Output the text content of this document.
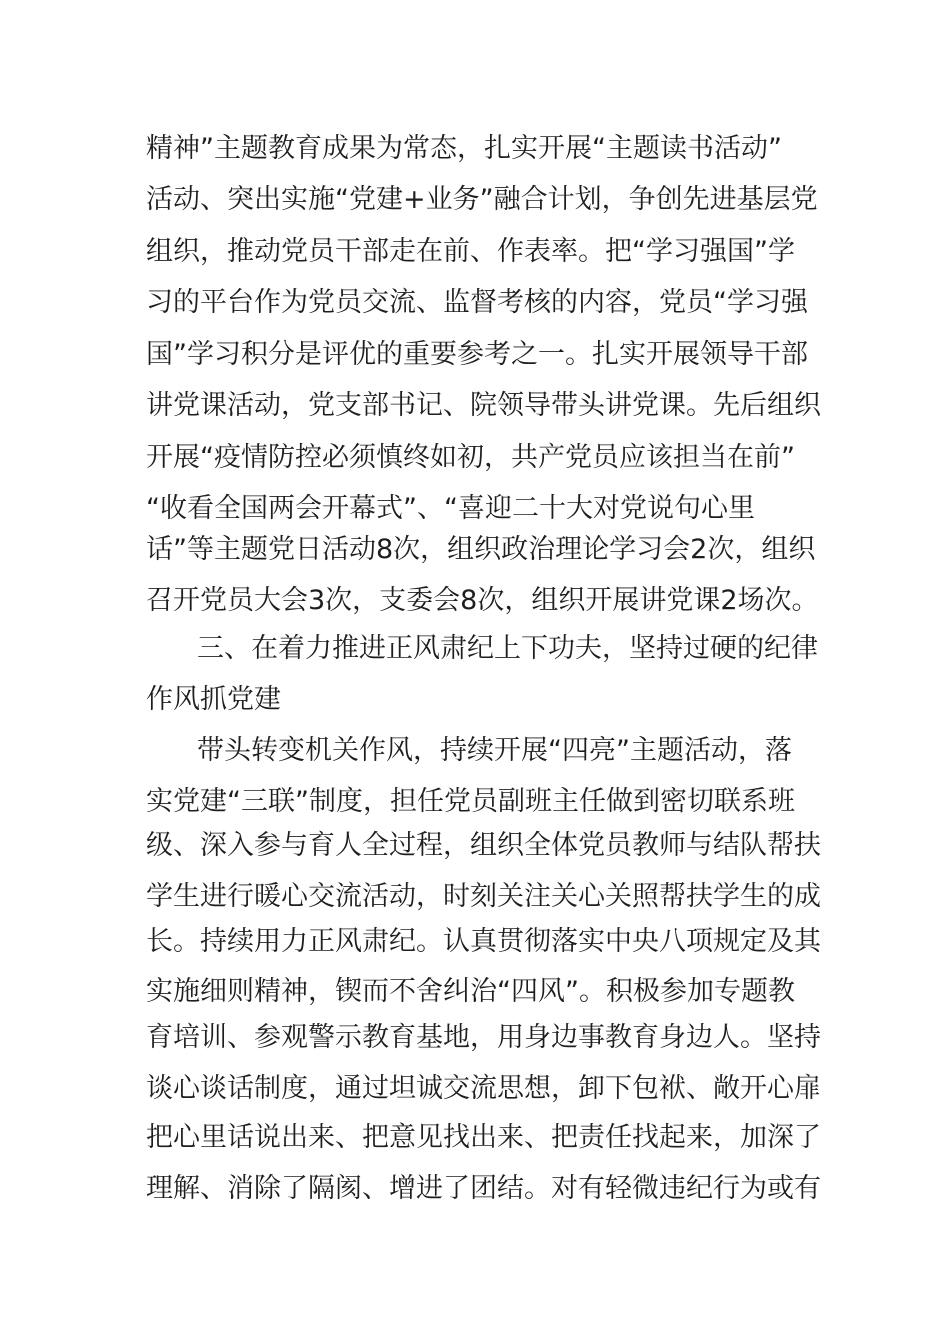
精神”主题教育成果为常态，扎实开展“主题读书活动”
活动、突出实施“党建+业务”融合计划，争创先进基层党
组织，推动党员干部走在前、作表率。把“学习强国”学
习的平台作为党员交流、监督考核的内容，党员“学习强
国”学习积分是评优的重要参考之一。扎实开展领导干部
讲党课活动，党支部书记、院领导带头讲党课。先后组织
开展“疫情防控必须慎终如初，共产党员应该担当在前”
“收看全国两会开幕式”、“喜迎二十大对党说句心里
话”等主题党日活动8次，组织政治理论学习会2次，组织
召开党员大会3次，支委会8次，组织开展讲党课2场次。
三、在着力推进正风肃纪上下功夫，坚持过硬的纪律
作风抓党建
带头转变机关作风，持续开展“四亮”主题活动，落
实党建“三联”制度，担任党员副班主任做到密切联系班
级、深入参与育人全过程，组织全体党员教师与结队帮扶
学生进行暖心交流活动，时刻关注关心关照帮扶学生的成
长。持续用力正风肃纪。认真贯彻落实中央八项规定及其
实施细则精神，锲而不舍纠治“四风”。积极参加专题教
育培训、参观警示教育基地，用身边事教育身边人。坚持
谈心谈话制度，通过坦诚交流思想，卸下包袱、敞开心扉
把心里话说出来、把意见找出来、把责任找起来，加深了
理解、消除了隔阂、增进了团结。对有轻微违纪行为或有
